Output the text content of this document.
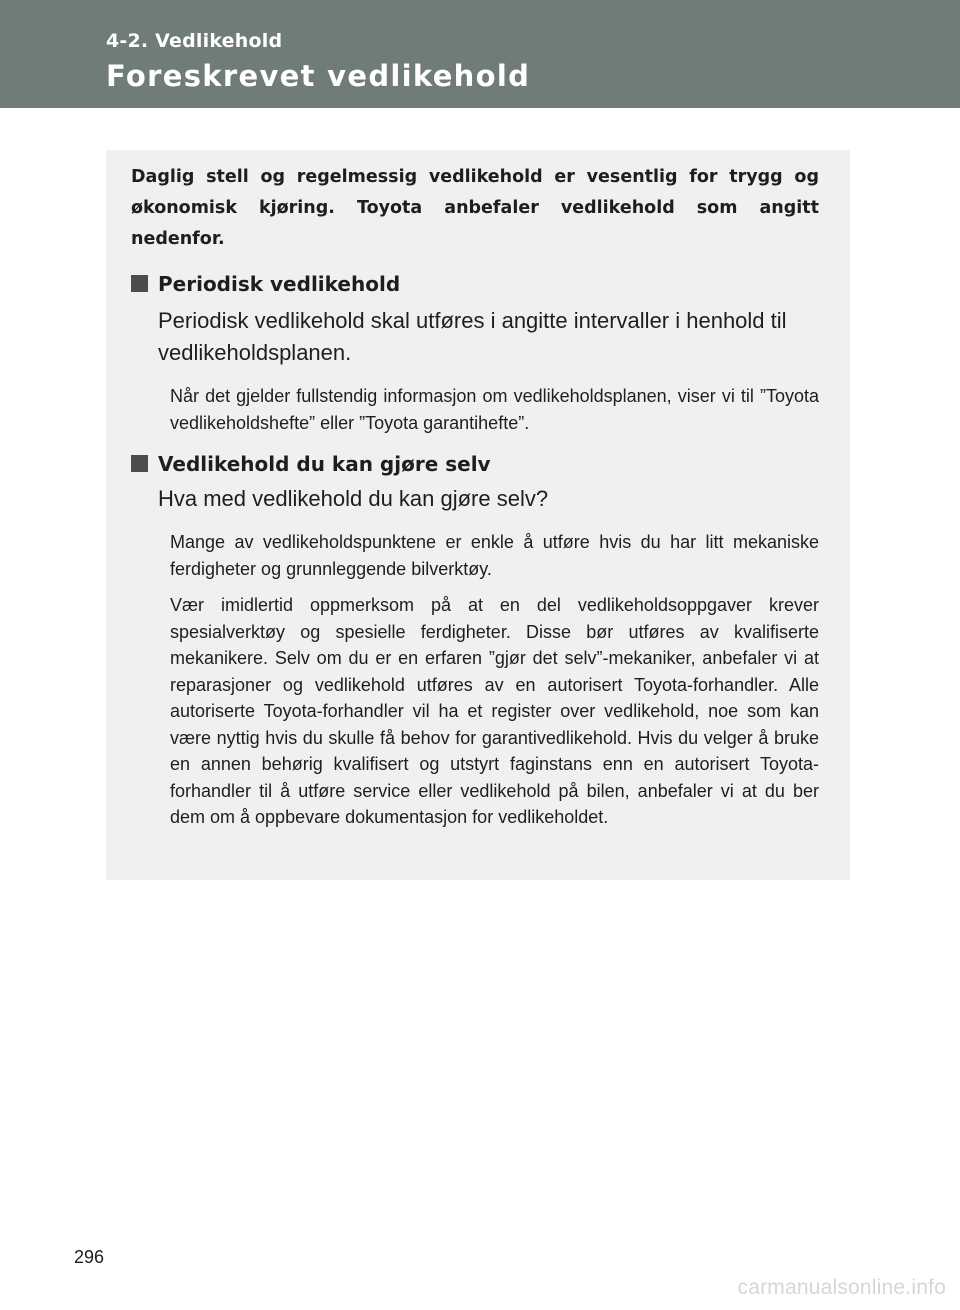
4-2. Vedlikehold
Foreskrevet vedlikehold

Daglig stell og regelmessig vedlikehold er vesentlig for trygg og økonomisk kjøring. Toyota anbefaler vedlikehold som angitt nedenfor.

Periodisk vedlikehold

Periodisk vedlikehold skal utføres i angitte intervaller i henhold til vedlikeholdsplanen.

Når det gjelder fullstendig informasjon om vedlikeholdsplanen, viser vi til ”Toyota vedlikeholdshefte” eller ”Toyota garantihefte”.

Vedlikehold du kan gjøre selv

Hva med vedlikehold du kan gjøre selv?

Mange av vedlikeholdspunktene er enkle å utføre hvis du har litt mekaniske ferdigheter og grunnleggende bilverktøy.

Vær imidlertid oppmerksom på at en del vedlikeholdsoppgaver krever spesialverktøy og spesielle ferdigheter. Disse bør utføres av kvalifiserte mekanikere. Selv om du er en erfaren ”gjør det selv”-mekaniker, anbefaler vi at reparasjoner og vedlikehold utføres av en autorisert Toyota-forhandler. Alle autoriserte Toyota-forhandler vil ha et register over vedlikehold, noe som kan være nyttig hvis du skulle få behov for garantivedlikehold. Hvis du velger å bruke en annen behørig kvalifisert og utstyrt faginstans enn en autorisert Toyota-forhandler til å utføre service eller vedlikehold på bilen, anbefaler vi at du ber dem om å oppbevare dokumentasjon for vedlikeholdet.

296
carmanualsonline.info
